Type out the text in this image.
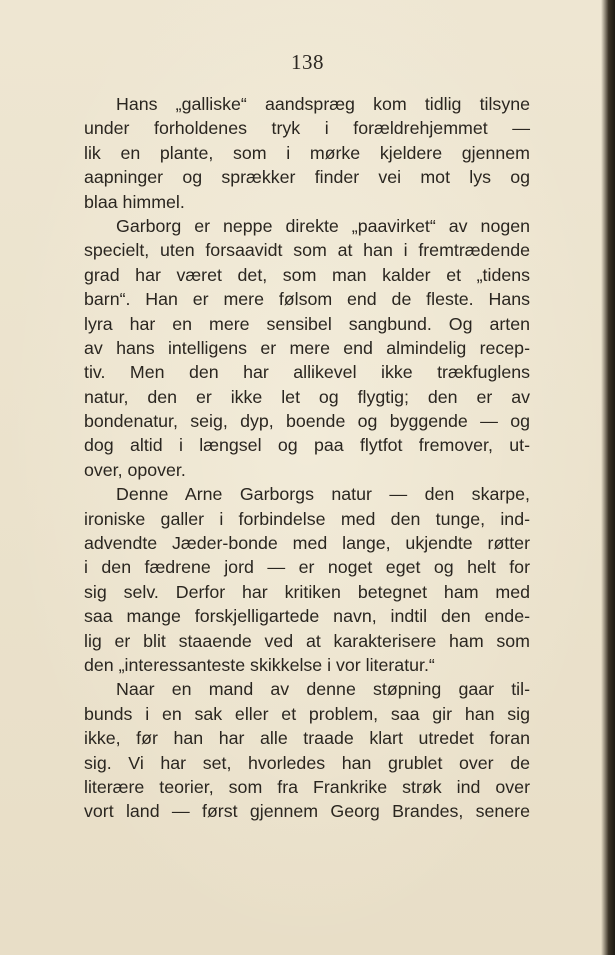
138
Hans „galliske“ aandspræg kom tidlig tilsyne
under forholdenes tryk i forældrehjemmet —
lik en plante, som i mørke kjeldere gjennem
aapninger og sprækker finder vei mot lys og
blaa himmel.
Garborg er neppe direkte „paavirket“ av nogen
specielt, uten forsaavidt som at han i fremtrædende
grad har været det, som man kalder et „tidens
barn“. Han er mere følsom end de fleste. Hans
lyra har en mere sensibel sangbund. Og arten
av hans intelligens er mere end almindelig recep-
tiv. Men den har allikevel ikke trækfuglens
natur, den er ikke let og flygtig; den er av
bondenatur, seig, dyp, boende og byggende — og
dog altid i længsel og paa flytfot fremover, ut-
over, opover.
Denne Arne Garborgs natur — den skarpe,
ironiske galler i forbindelse med den tunge, ind-
advendte Jæder-bonde med lange, ukjendte røtter
i den fædrene jord — er noget eget og helt for
sig selv. Derfor har kritiken betegnet ham med
saa mange forskjelligartede navn, indtil den ende-
lig er blit staaende ved at karakterisere ham som
den „interessanteste skikkelse i vor literatur.“
Naar en mand av denne støpning gaar til-
bunds i en sak eller et problem, saa gir han sig
ikke, før han har alle traade klart utredet foran
sig. Vi har set, hvorledes han grublet over de
literære teorier, som fra Frankrike strøk ind over
vort land — først gjennem Georg Brandes, senere
